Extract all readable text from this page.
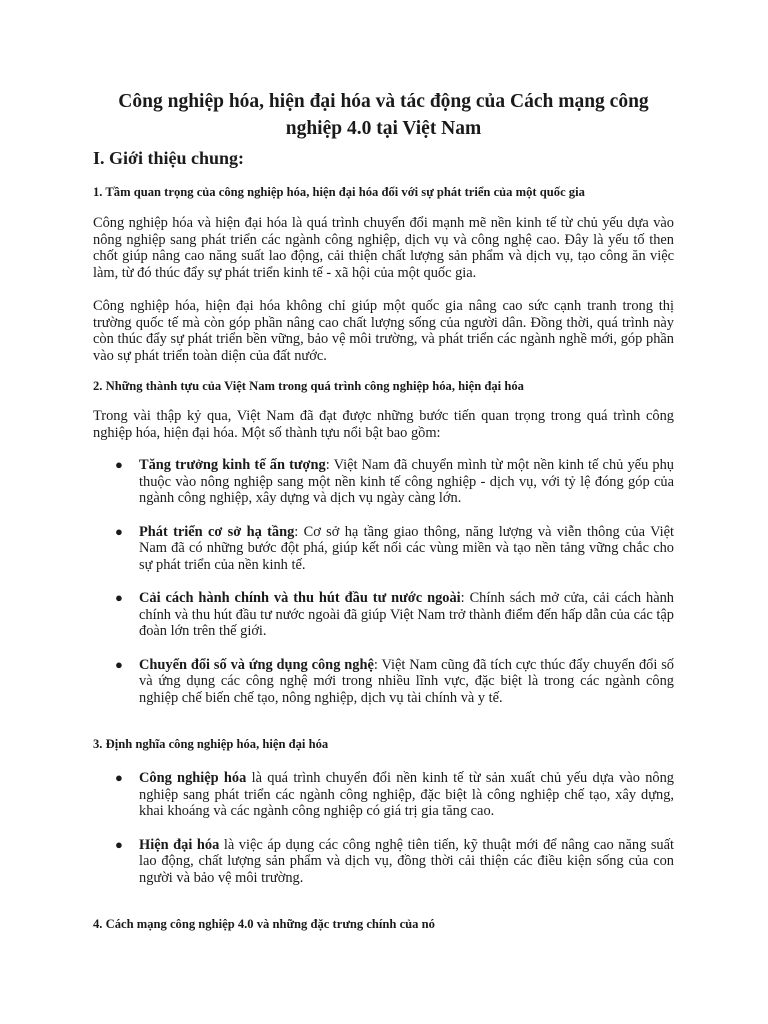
Công nghiệp hóa, hiện đại hóa và tác động của Cách mạng công nghiệp 4.0 tại Việt Nam
I. Giới thiệu chung:
1. Tầm quan trọng của công nghiệp hóa, hiện đại hóa đối với sự phát triển của một quốc gia

Công nghiệp hóa và hiện đại hóa là quá trình chuyển đổi mạnh mẽ nền kinh tế từ chủ yếu dựa vào nông nghiệp sang phát triển các ngành công nghiệp, dịch vụ và công nghệ cao. Đây là yếu tố then chốt giúp nâng cao năng suất lao động, cải thiện chất lượng sản phẩm và dịch vụ, tạo công ăn việc làm, từ đó thúc đẩy sự phát triển kinh tế - xã hội của một quốc gia.

Công nghiệp hóa, hiện đại hóa không chỉ giúp một quốc gia nâng cao sức cạnh tranh trong thị trường quốc tế mà còn góp phần nâng cao chất lượng sống của người dân. Đồng thời, quá trình này còn thúc đẩy sự phát triển bền vững, bảo vệ môi trường, và phát triển các ngành nghề mới, góp phần vào sự phát triển toàn diện của đất nước.

2. Những thành tựu của Việt Nam trong quá trình công nghiệp hóa, hiện đại hóa

Trong vài thập kỷ qua, Việt Nam đã đạt được những bước tiến quan trọng trong quá trình công nghiệp hóa, hiện đại hóa. Một số thành tựu nổi bật bao gồm:

● Tăng trưởng kinh tế ấn tượng: Việt Nam đã chuyển mình từ một nền kinh tế chủ yếu phụ thuộc vào nông nghiệp sang một nền kinh tế công nghiệp - dịch vụ, với tỷ lệ đóng góp của ngành công nghiệp, xây dựng và dịch vụ ngày càng lớn.
● Phát triển cơ sở hạ tầng: Cơ sở hạ tầng giao thông, năng lượng và viễn thông của Việt Nam đã có những bước đột phá, giúp kết nối các vùng miền và tạo nền tảng vững chắc cho sự phát triển của nền kinh tế.
● Cải cách hành chính và thu hút đầu tư nước ngoài: Chính sách mở cửa, cải cách hành chính và thu hút đầu tư nước ngoài đã giúp Việt Nam trở thành điểm đến hấp dẫn của các tập đoàn lớn trên thế giới.
● Chuyển đổi số và ứng dụng công nghệ: Việt Nam cũng đã tích cực thúc đẩy chuyển đổi số và ứng dụng các công nghệ mới trong nhiều lĩnh vực, đặc biệt là trong các ngành công nghiệp chế biến chế tạo, nông nghiệp, dịch vụ tài chính và y tế.
3. Định nghĩa công nghiệp hóa, hiện đại hóa
● Công nghiệp hóa là quá trình chuyển đổi nền kinh tế từ sản xuất chủ yếu dựa vào nông nghiệp sang phát triển các ngành công nghiệp, đặc biệt là công nghiệp chế tạo, xây dựng, khai khoáng và các ngành công nghiệp có giá trị gia tăng cao.
● Hiện đại hóa là việc áp dụng các công nghệ tiên tiến, kỹ thuật mới để nâng cao năng suất lao động, chất lượng sản phẩm và dịch vụ, đồng thời cải thiện các điều kiện sống của con người và bảo vệ môi trường.
4. Cách mạng công nghiệp 4.0 và những đặc trưng chính của nó
